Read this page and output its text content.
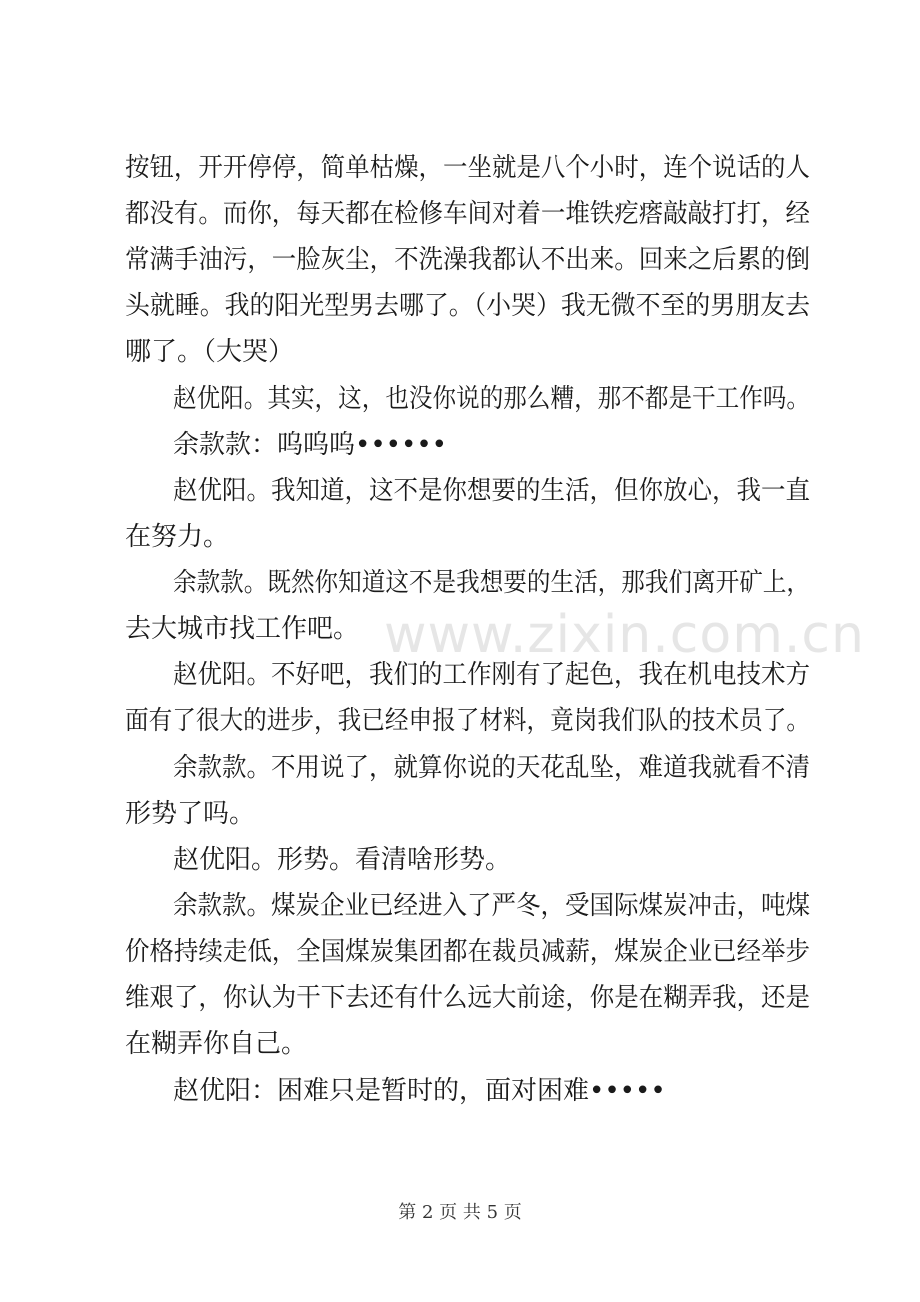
www.zixin.com.cn
按钮，开开停停，简单枯燥，一坐就是八个小时，连个说话的人
都没有。而你，每天都在检修车间对着一堆铁疙瘩敲敲打打，经
常满手油污，一脸灰尘，不洗澡我都认不出来。回来之后累的倒
头就睡。我的阳光型男去哪了。（小哭）我无微不至的男朋友去
哪了。（大哭）
赵优阳。其实，这，也没你说的那么糟，那不都是干工作吗。
余款款：呜呜呜••••••
赵优阳。我知道，这不是你想要的生活，但你放心，我一直
在努力。
余款款。既然你知道这不是我想要的生活，那我们离开矿上，
去大城市找工作吧。
赵优阳。不好吧，我们的工作刚有了起色，我在机电技术方
面有了很大的进步，我已经申报了材料，竟岗我们队的技术员了。
余款款。不用说了，就算你说的天花乱坠，难道我就看不清
形势了吗。
赵优阳。形势。看清啥形势。
余款款。煤炭企业已经进入了严冬，受国际煤炭冲击，吨煤
价格持续走低，全国煤炭集团都在裁员减薪，煤炭企业已经举步
维艰了，你认为干下去还有什么远大前途，你是在糊弄我，还是
在糊弄你自己。
赵优阳：困难只是暂时的，面对困难•••••
第 2 页 共 5 页
